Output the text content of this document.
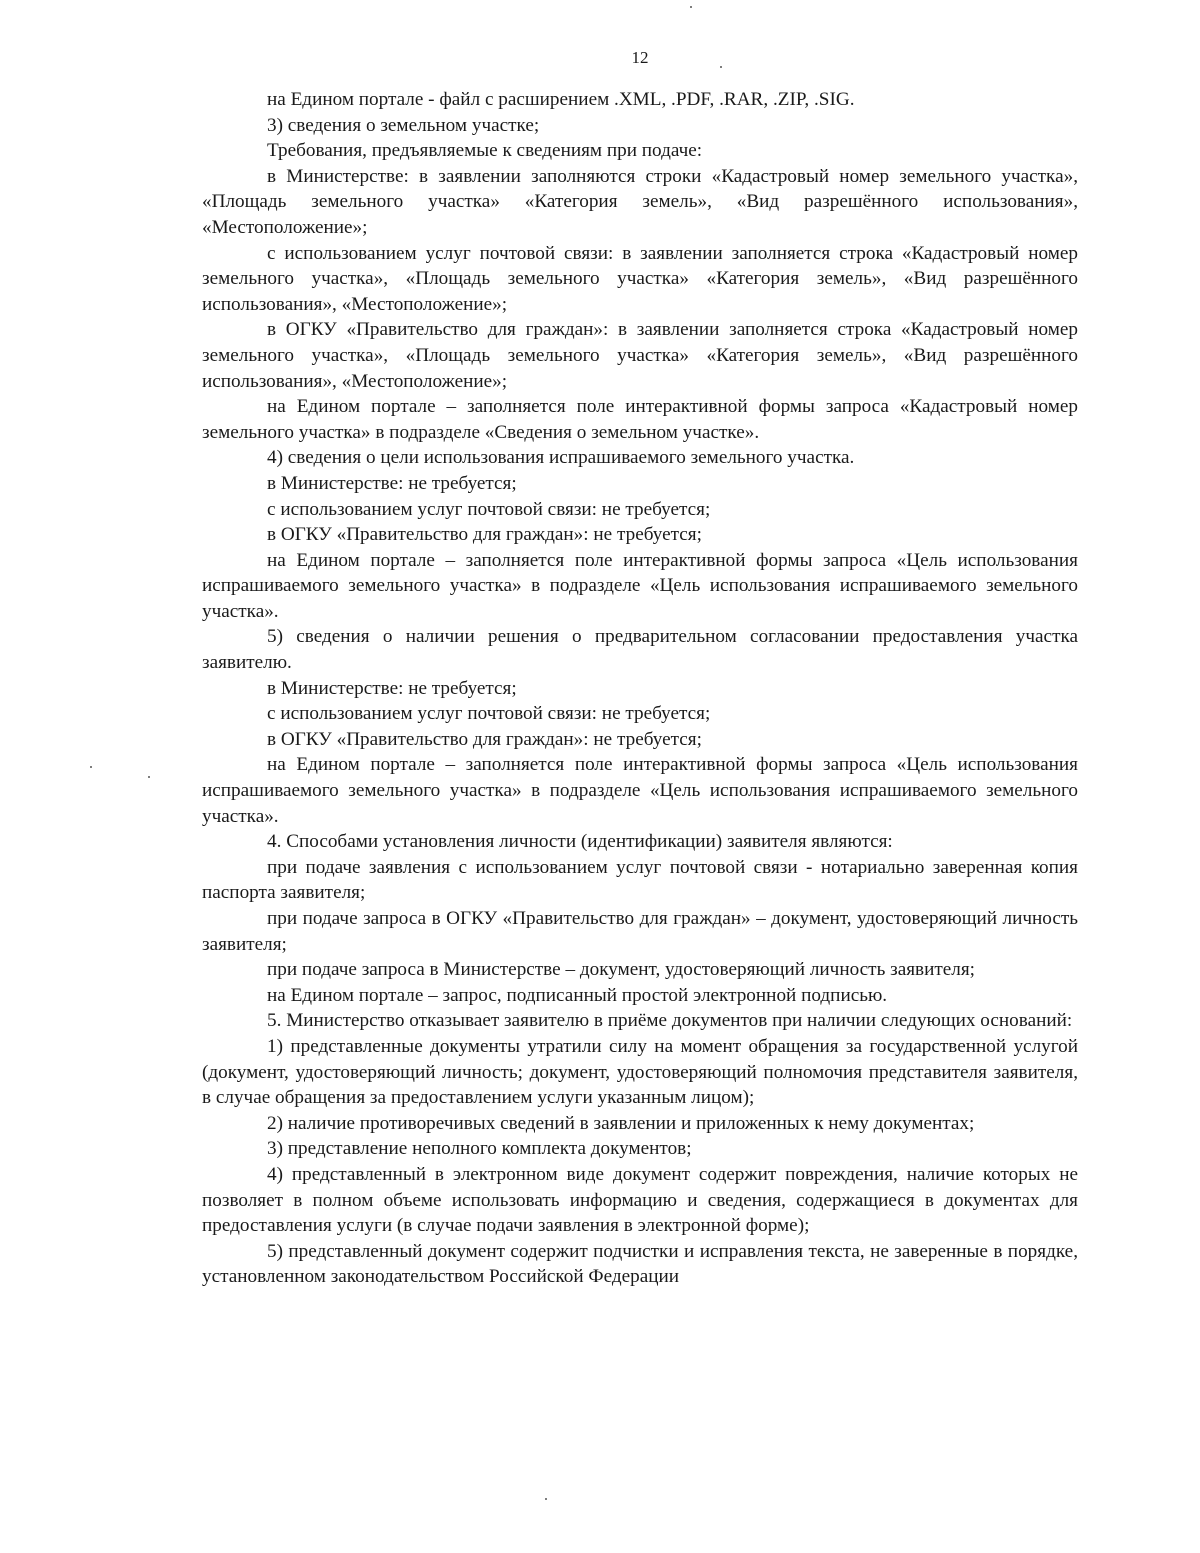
12

на Едином портале - файл с расширением .XML, .PDF, .RAR, .ZIP, .SIG.

3) сведения о земельном участке;

Требования, предъявляемые к сведениям при подаче:

в Министерстве: в заявлении заполняются строки «Кадастровый номер земельного участка», «Площадь земельного участка» «Категория земель», «Вид разрешённого использования», «Местоположение»;

с использованием услуг почтовой связи: в заявлении заполняется строка «Кадастровый номер земельного участка», «Площадь земельного участка» «Категория земель», «Вид разрешённого использования», «Местоположение»;

в ОГКУ «Правительство для граждан»: в заявлении заполняется строка «Кадастровый номер земельного участка», «Площадь земельного участка» «Категория земель», «Вид разрешённого использования», «Местоположение»;

на Едином портале – заполняется поле интерактивной формы запроса «Кадастровый номер земельного участка» в подразделе «Сведения о земельном участке».

4) сведения о цели использования испрашиваемого земельного участка.

в Министерстве: не требуется;

с использованием услуг почтовой связи: не требуется;

в ОГКУ «Правительство для граждан»: не требуется;

на Едином портале – заполняется поле интерактивной формы запроса «Цель использования испрашиваемого земельного участка» в подразделе «Цель использования испрашиваемого земельного участка».

5) сведения о наличии решения о предварительном согласовании предоставления участка заявителю.

в Министерстве: не требуется;

с использованием услуг почтовой связи: не требуется;

в ОГКУ «Правительство для граждан»: не требуется;

на Едином портале – заполняется поле интерактивной формы запроса «Цель использования испрашиваемого земельного участка» в подразделе «Цель использования испрашиваемого земельного участка».

4. Способами установления личности (идентификации) заявителя являются:

при подаче заявления с использованием услуг почтовой связи - нотариально заверенная копия паспорта заявителя;

при подаче запроса в ОГКУ «Правительство для граждан» – документ, удостоверяющий личность заявителя;

при подаче запроса в Министерстве – документ, удостоверяющий личность заявителя;

на Едином портале – запрос, подписанный простой электронной подписью.

5. Министерство отказывает заявителю в приёме документов при наличии следующих оснований:

1) представленные документы утратили силу на момент обращения за государственной услугой (документ, удостоверяющий личность; документ, удостоверяющий полномочия представителя заявителя, в случае обращения за предоставлением услуги указанным лицом);

2) наличие противоречивых сведений в заявлении и приложенных к нему документах;

3) представление неполного комплекта документов;

4) представленный в электронном виде документ содержит повреждения, наличие которых не позволяет в полном объеме использовать информацию и сведения, содержащиеся в документах для предоставления услуги (в случае подачи заявления в электронной форме);

5) представленный документ содержит подчистки и исправления текста, не заверенные в порядке, установленном законодательством Российской Федерации
